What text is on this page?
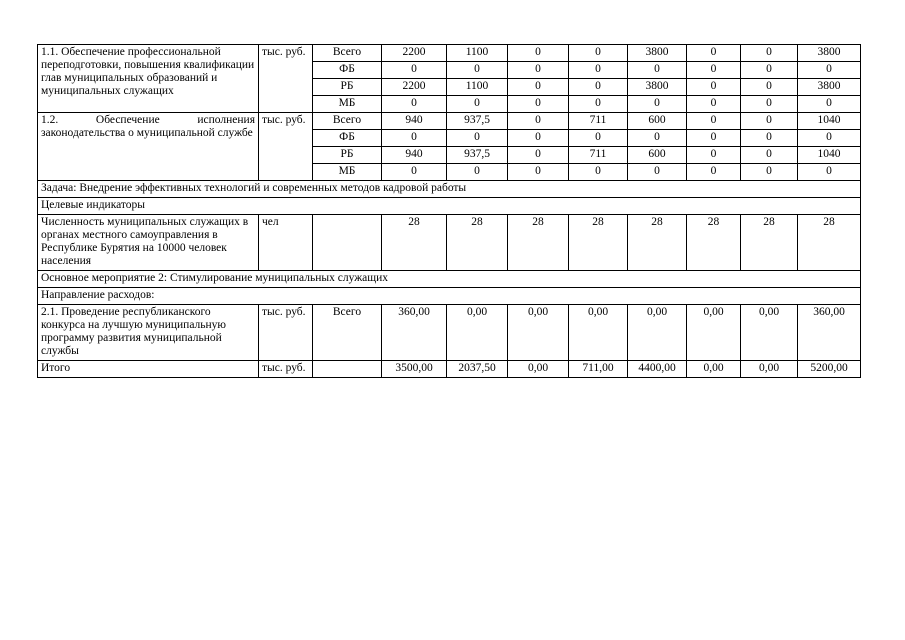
1.1. Обеспечение профессиональной переподготовки, повышения квалификации глав муниципальных образований и муниципальных служащих	тыс. руб.	Всего	2200	1100	0	0	3800	0	0	3800
		ФБ	0	0	0	0	0	0	0	0
		РБ	2200	1100	0	0	3800	0	0	3800
		МБ	0	0	0	0	0	0	0	0
1.2. Обеспечение исполнения законодательства о муниципальной службе	тыс. руб.	Всего	940	937,5	0	711	600	0	0	1040
		ФБ	0	0	0	0	0	0	0	0
		РБ	940	937,5	0	711	600	0	0	1040
		МБ	0	0	0	0	0	0	0	0
Задача: Внедрение эффективных технологий и современных методов кадровой работы										
Целевые индикаторы										
Численность муниципальных служащих в органах местного самоуправления в Республике Бурятия на 10000 человек населения	чел		28	28	28	28	28	28	28	28
Основное мероприятие 2: Стимулирование муниципальных служащих										
Направление расходов:										
2.1. Проведение республиканского конкурса на лучшую муниципальную программу развития муниципальной службы	тыс. руб.	Всего	360,00	0,00	0,00	0,00	0,00	0,00	0,00	360,00
Итого	тыс. руб.		3500,00	2037,50	0,00	711,00	4400,00	0,00	0,00	5200,00
